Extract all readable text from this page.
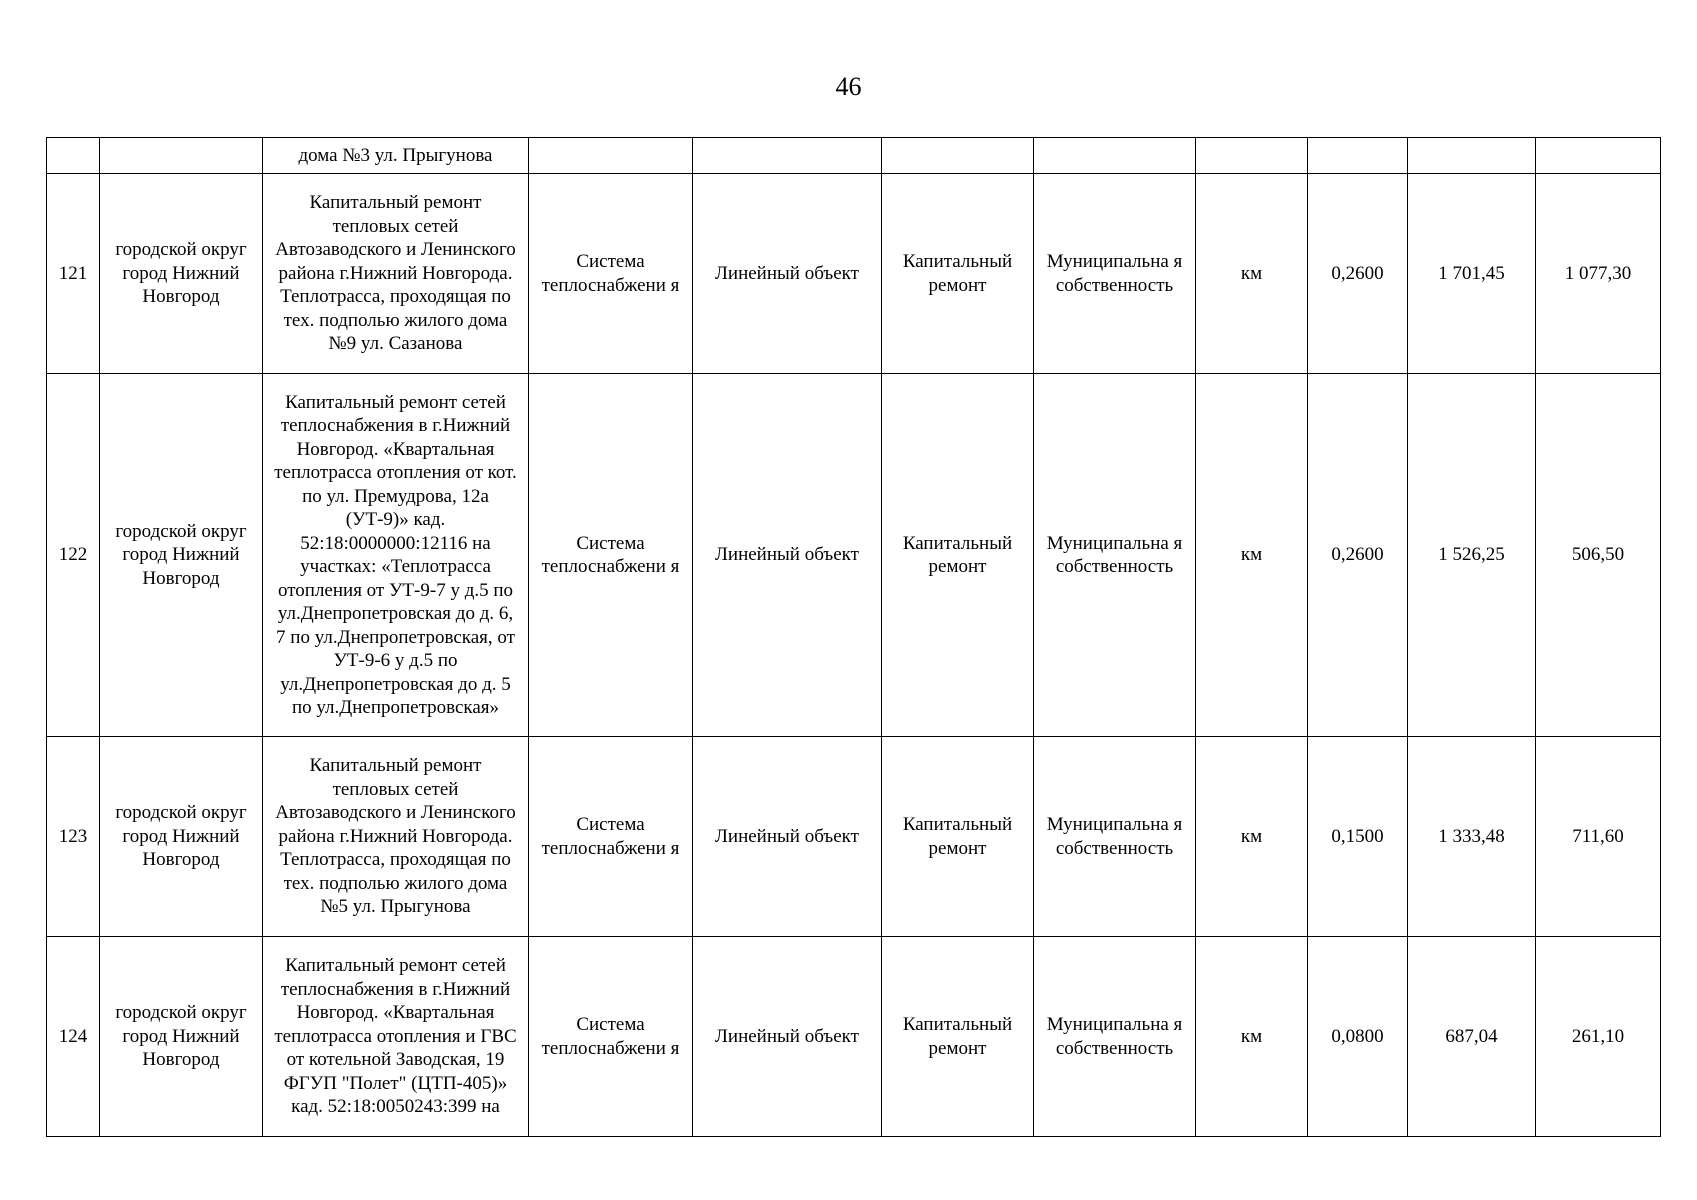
46
		дома №3 ул. Прыгунова								
121	городской округ город Нижний Новгород	Капитальный ремонт тепловых сетей Автозаводского и Ленинского района г.Нижний Новгорода. Теплотрасса, проходящая по тех. подполью жилого дома №9 ул. Сазанова	Система теплоснабжени я	Линейный объект	Капитальный ремонт	Муниципальна я собственность	км	0,2600	1 701,45	1 077,30
122	городской округ город Нижний Новгород	Капитальный ремонт сетей теплоснабжения в г.Нижний Новгород. «Квартальная теплотрасса отопления от кот. по ул. Премудрова, 12а (УТ-9)» кад. 52:18:0000000:12116 на участках: «Теплотрасса отопления от УТ-9-7 у д.5 по ул.Днепропетровская до д. 6, 7 по ул.Днепропетровская, от УТ-9-6 у д.5 по ул.Днепропетровская до д. 5 по ул.Днепропетровская»	Система теплоснабжени я	Линейный объект	Капитальный ремонт	Муниципальна я собственность	км	0,2600	1 526,25	506,50
123	городской округ город Нижний Новгород	Капитальный ремонт тепловых сетей Автозаводского и Ленинского района г.Нижний Новгорода. Теплотрасса, проходящая по тех. подполью жилого дома №5 ул. Прыгунова	Система теплоснабжени я	Линейный объект	Капитальный ремонт	Муниципальна я собственность	км	0,1500	1 333,48	711,60
124	городской округ город Нижний Новгород	Капитальный ремонт сетей теплоснабжения в г.Нижний Новгород. «Квартальная теплотрасса отопления и ГВС от котельной Заводская, 19 ФГУП "Полет" (ЦТП-405)» кад. 52:18:0050243:399 на	Система теплоснабжени я	Линейный объект	Капитальный ремонт	Муниципальна я собственность	км	0,0800	687,04	261,10
